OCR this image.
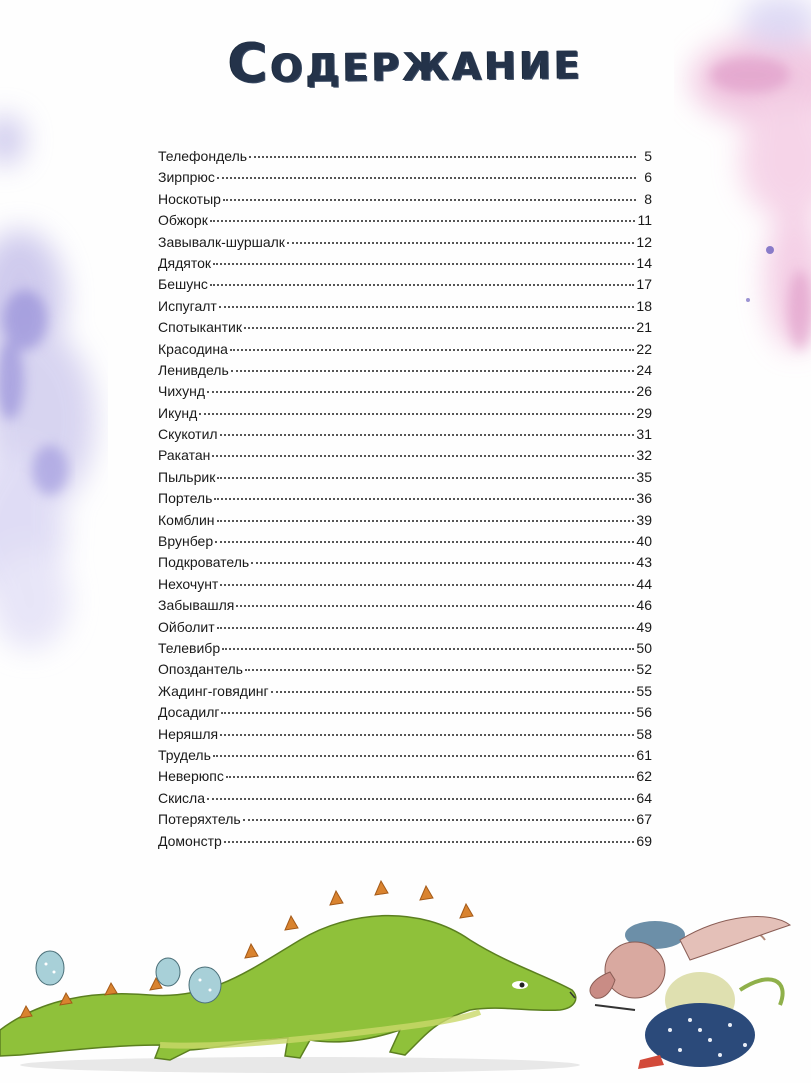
Содержание
Телефондель	5
Зирпрюс	6
Носкотыр	8
Обжорк	11
Завывалк-шуршалк	12
Дядяток	14
Бешунс	17
Испугалт	18
Спотыкантик	21
Красодина	22
Ленивдель	24
Чихунд	26
Икунд	29
Скукотил	31
Ракатан	32
Пыльрик	35
Портель	36
Комблин	39
Врунбер	40
Подкрователь	43
Нехочунт	44
Забывашля	46
Ойболит	49
Телевибр	50
Опоздантель	52
Жадинг-говядинг	55
Досадилг	56
Неряшля	58
Трудель	61
Неверюпс	62
Скисла	64
Потеряхтель	67
Домонстр	69
